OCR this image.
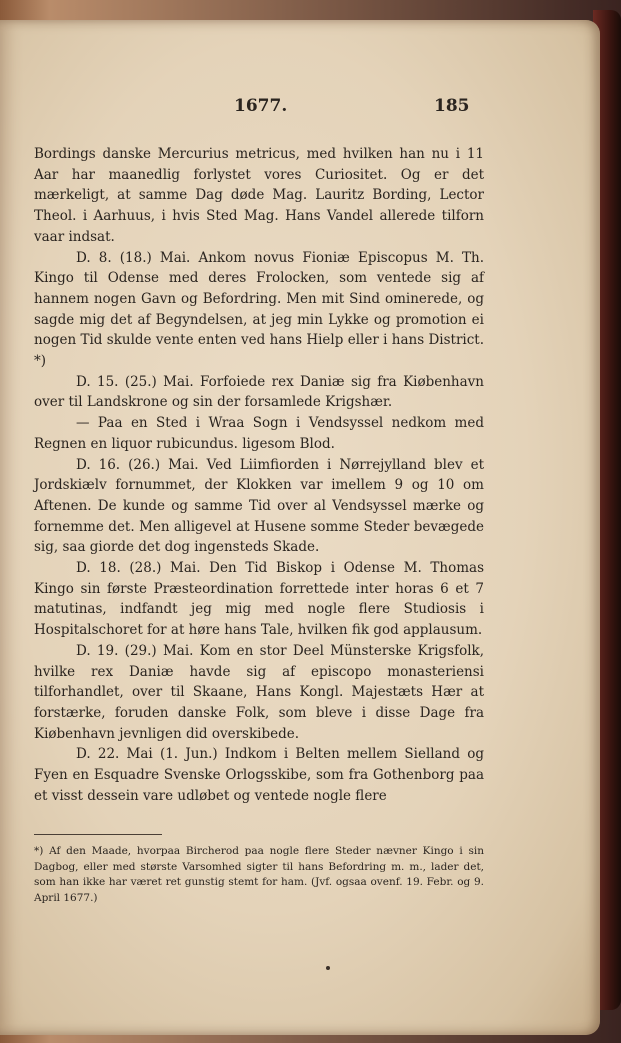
1677.	185

Bordings danske Mercurius metricus, med hvilken han nu i 11 Aar har maanedlig forlystet vores Curiositet. Og er det mærkeligt, at samme Dag døde Mag. Lauritz Bording, Lector Theol. i Aarhuus, i hvis Sted Mag. Hans Vandel allerede tilforn vaar indsat.

D. 8. (18.) Mai. Ankom novus Fioniæ Episcopus M. Th. Kingo til Odense med deres Frolocken, som ventede sig af hannem nogen Gavn og Befordring. Men mit Sind ominerede, og sagde mig det af Begyndelsen, at jeg min Lykke og promotion ei nogen Tid skulde vente enten ved hans Hielp eller i hans District. *)

D. 15. (25.) Mai. Forfoiede rex Daniæ sig fra Kiøbenhavn over til Landskrone og sin der forsamlede Krigshær.

— Paa en Sted i Wraa Sogn i Vendsyssel nedkom med Regnen en liquor rubicundus. ligesom Blod.

D. 16. (26.) Mai. Ved Liimfiorden i Nørrejylland blev et Jordskiælv fornummet, der Klokken var imellem 9 og 10 om Aftenen. De kunde og samme Tid over al Vendsyssel mærke og fornemme det. Men alligevel at Husene somme Steder bevægede sig, saa giorde det dog ingensteds Skade.

D. 18. (28.) Mai. Den Tid Biskop i Odense M. Thomas Kingo sin første Præsteordination forrettede inter horas 6 et 7 matutinas, indfandt jeg mig med nogle flere Studiosis i Hospitalschoret for at høre hans Tale, hvilken fik god applausum.

D. 19. (29.) Mai. Kom en stor Deel Münsterske Krigsfolk, hvilke rex Daniæ havde sig af episcopo monasteriensi tilforhandlet, over til Skaane, Hans Kongl. Majestæts Hær at forstærke, foruden danske Folk, som bleve i disse Dage fra Kiøbenhavn jevnligen did overskibede.

D. 22. Mai (1. Jun.) Indkom i Belten mellem Sielland og Fyen en Esquadre Svenske Orlogsskibe, som fra Gothenborg paa et visst dessein vare udløbet og ventede nogle flere

*) Af den Maade, hvorpaa Bircherod paa nogle flere Steder nævner Kingo i sin Dagbog, eller med største Varsomhed sigter til hans Befordring m. m., lader det, som han ikke har været ret gunstig stemt for ham. (Jvf. ogsaa ovenf. 19. Febr. og 9. April 1677.)
